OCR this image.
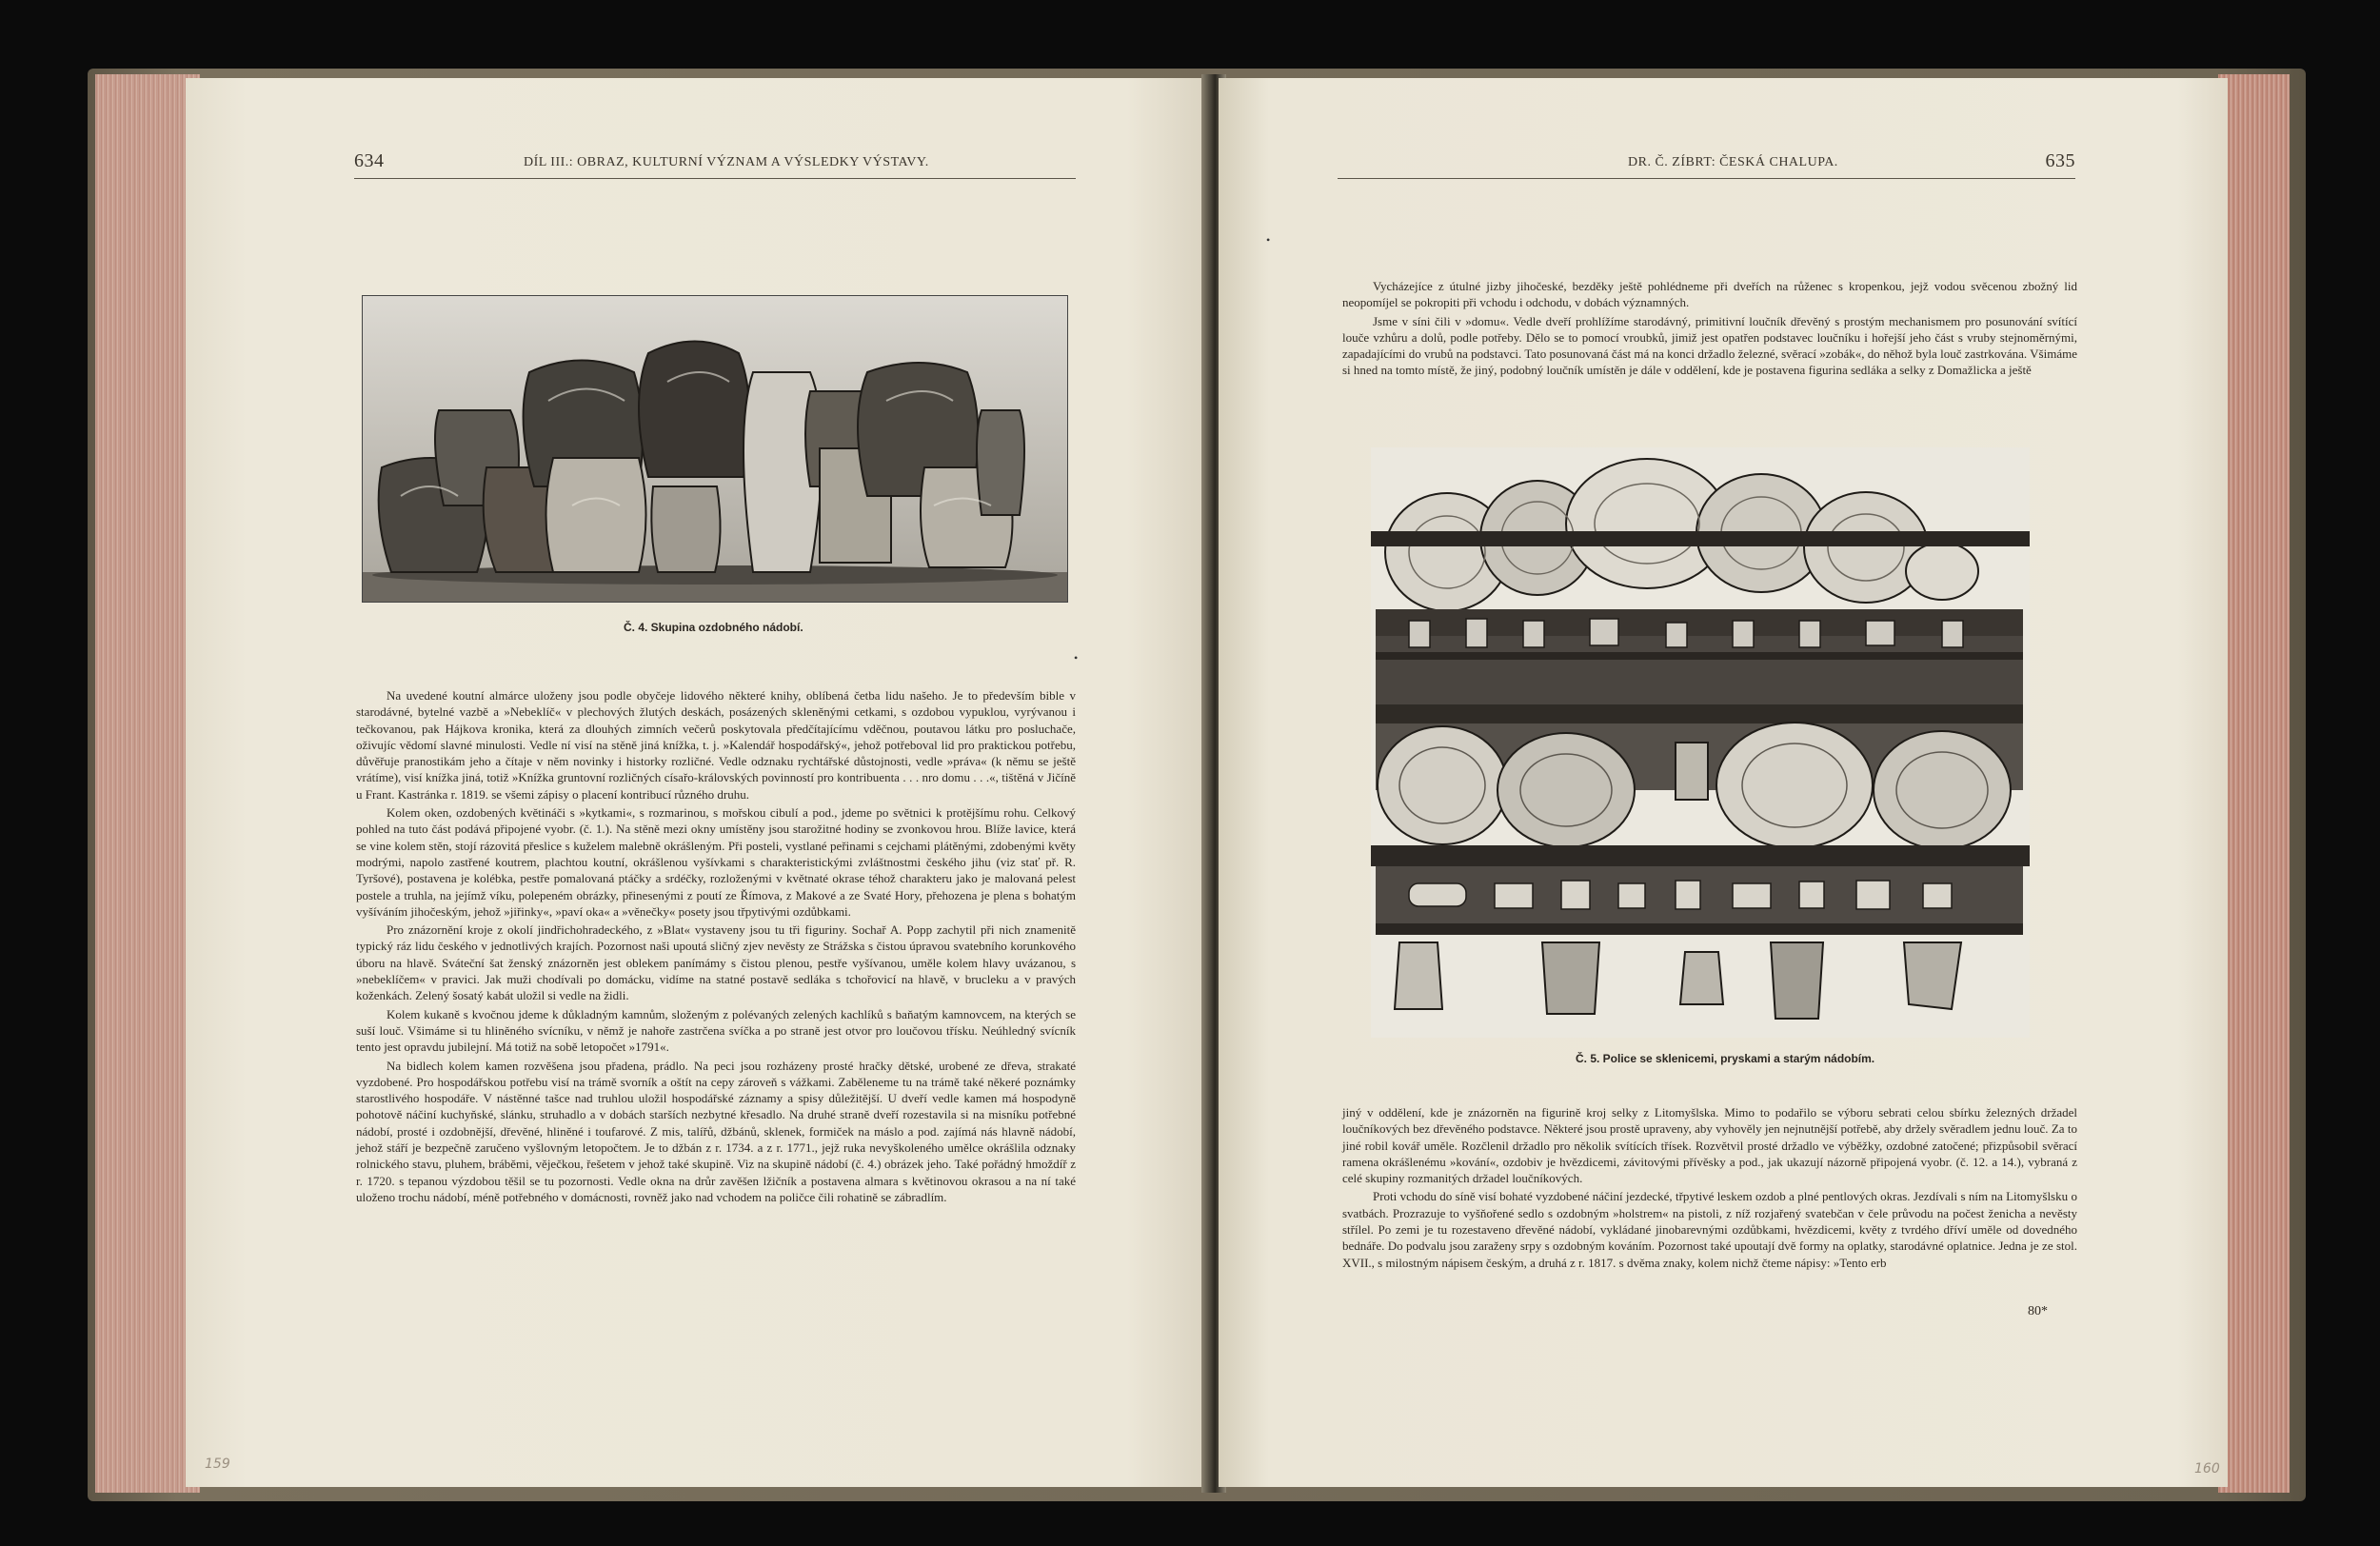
634	DÍL III.: OBRAZ, KULTURNÍ VÝZNAM A VÝSLEDKY VÝSTAVY.
Č. 4. Skupina ozdobného nádobí.
•

Na uvedené koutní almárce uloženy jsou podle obyčeje lidového některé knihy, oblíbená četba lidu našeho. Je to především bible v starodávné, bytelné vazbě a »Nebeklíč« v plechových žlutých deskách, posázených skleněnými cetkami, s ozdobou vypuklou, vyrývanou i tečkovanou, pak Hájkova kronika, která za dlouhých zimních večerů poskytovala předčítajícímu vděčnou, poutavou látku pro posluchače, oživujíc vědomí slavné minulosti. Vedle ní visí na stěně jiná knížka, t. j. »Kalendář hospodářský«, jehož potřeboval lid pro praktickou potřebu, důvěřuje pranostikám jeho a čítaje v něm novinky i historky rozličné. Vedle odznaku rychtářské důstojnosti, vedle »práva« (k němu se ještě vrátíme), visí knížka jiná, totiž »Knížka gruntovní rozličných císařo-královských povinností pro kontribuenta . . . nro domu . . .«, tištěná v Jičíně u Frant. Kastránka r. 1819. se všemi zápisy o placení kontribucí různého druhu.

Kolem oken, ozdobených květináči s »kytkami«, s rozmarinou, s mořskou cibulí a pod., jdeme po světnici k protějšímu rohu. Celkový pohled na tuto část podává připojené vyobr. (č. 1.). Na stěně mezi okny umístěny jsou starožitné hodiny se zvonkovou hrou. Blíže lavice, která se vine kolem stěn, stojí rázovitá přeslice s kuželem malebně okrášleným. Při posteli, vystlané peřinami s cejchami plátěnými, zdobenými květy modrými, napolo zastřené koutrem, plachtou koutní, okrášlenou vyšívkami s charakteristickými zvláštnostmi českého jihu (viz stať př. R. Tyršové), postavena je kolébka, pestře pomalovaná ptáčky a srdéčky, rozloženými v květnaté okrase téhož charakteru jako je malovaná pelest postele a truhla, na jejímž víku, polepeném obrázky, přinesenými z poutí ze Římova, z Makové a ze Svaté Hory, přehozena je plena s bohatým vyšíváním jihočeským, jehož »jiřinky«, »paví oka« a »věnečky« posety jsou třpytivými ozdůbkami.

Pro znázornění kroje z okolí jindřichohradeckého, z »Blat« vystaveny jsou tu tři figuriny. Sochař A. Popp zachytil při nich znamenitě typický ráz lidu českého v jednotlivých krajích. Pozornost naši upoutá sličný zjev nevěsty ze Strážska s čistou úpravou svatebního korunkového úboru na hlavě. Sváteční šat ženský znázorněn jest oblekem panímámy s čistou plenou, pestře vyšívanou, uměle kolem hlavy uvázanou, s »nebeklíčem« v pravici. Jak muži chodívali po domácku, vidíme na statné postavě sedláka s tchořovicí na hlavě, v brucleku a v pravých koženkách. Zelený šosatý kabát uložil si vedle na židli.

Kolem kukaně s kvočnou jdeme k důkladným kamnům, složeným z polévaných zelených kachlíků s baňatým kamnovcem, na kterých se suší louč. Všimáme si tu hliněného svícníku, v němž je nahoře zastrčena svíčka a po straně jest otvor pro loučovou třísku. Neúhledný svícník tento jest opravdu jubilejní. Má totiž na sobě letopočet »1791«.

Na bidlech kolem kamen rozvěšena jsou přadena, prádlo. Na peci jsou rozházeny prosté hračky dětské, urobené ze dřeva, strakaté vyzdobené. Pro hospodářskou potřebu visí na trámě svorník a oštít na cepy zároveň s vážkami. Zaběleneme tu na trámě také někeré poznámky starostlivého hospodáře. V nástěnné tašce nad truhlou uložil hospodářské záznamy a spisy důležitější. U dveří vedle kamen má hospodyně pohotově náčiní kuchyňské, slánku, struhadlo a v dobách starších nezbytné křesadlo. Na druhé straně dveří rozestavila si na misníku potřebné nádobí, prosté i ozdobnější, dřevěné, hliněné i toufarové. Z mis, talířů, džbánů, sklenek, formiček na máslo a pod. zajímá nás hlavně nádobí, jehož stáří je bezpečně zaručeno vyšlovným letopočtem. Je to džbán z r. 1734. a z r. 1771., jejž ruka nevyškoleného umělce okrášlila odznaky rolnického stavu, pluhem, bráběmi, věječkou, řešetem v jehož také skupině. Viz na skupině nádobí (č. 4.) obrázek jeho. Také pořádný hmoždíř z r. 1720. s tepanou výzdobou těšil se tu pozornosti. Vedle okna na drůr zavěšen lžičník a postavena almara s květinovou okrasou a na ní také uloženo trochu nádobí, méně potřebného v domácnosti, rovněž jako nad vchodem na poličce čili rohatině se zábradlím.

159
•
DR. Č. ZÍBRT: ČESKÁ CHALUPA.	635

Vycházejíce z útulné jizby jihočeské, bezděky ještě pohlédneme při dveřích na růženec s kropenkou, jejž vodou svěcenou zbožný lid neopomíjel se pokropiti při vchodu i odchodu, v dobách významných.

Jsme v síni čili v »domu«. Vedle dveří prohlížíme starodávný, primitivní loučník dřevěný s prostým mechanismem pro posunování svítící louče vzhůru a dolů, podle potřeby. Dělo se to pomocí vroubků, jimiž jest opatřen podstavec loučníku i hořejší jeho část s vruby stejnoměrnými, zapadajícími do vrubů na podstavci. Tato posunovaná část má na konci držadlo železné, svěrací »zobák«, do něhož byla louč zastrkována. Všimáme si hned na tomto místě, že jiný, podobný loučník umístěn je dále v oddělení, kde je postavena figurina sedláka a selky z Domažlicka a ještě

Č. 5. Police se sklenicemi, pryskami a starým nádobím.

jiný v oddělení, kde je znázorněn na figurině kroj selky z Litomyšlska. Mimo to podařilo se výboru sebrati celou sbírku železných držadel loučníkových bez dřevěného podstavce. Některé jsou prostě upraveny, aby vyhověly jen nejnutnější potřebě, aby držely svěradlem jednu louč. Za to jiné robil kovář uměle. Rozčlenil držadlo pro několik svítících třísek. Rozvětvil prosté držadlo ve výběžky, ozdobné zatočené; přizpůsobil svěrací ramena okrášlenému »kování«, ozdobiv je hvězdicemi, závitovými přívěsky a pod., jak ukazují názorně připojená vyobr. (č. 12. a 14.), vybraná z celé skupiny rozmanitých držadel loučníkových.

Proti vchodu do síně visí bohaté vyzdobené náčiní jezdecké, třpytivé leskem ozdob a plné pentlových okras. Jezdívali s ním na Litomyšlsku o svatbách. Prozrazuje to vyšňořené sedlo s ozdobným »holstrem« na pistoli, z níž rozjařený svatebčan v čele průvodu na počest ženicha a nevěsty střílel. Po zemi je tu rozestaveno dřevěné nádobí, vykládané jinobarevnými ozdůbkami, hvězdicemi, květy z tvrdého dříví uměle od dovedného bednáře. Do podvalu jsou zaraženy srpy s ozdobným kováním. Pozornost také upoutají dvě formy na oplatky, starodávné oplatnice. Jedna je ze stol. XVII., s milostným nápisem českým, a druhá z r. 1817. s dvěma znaky, kolem nichž čteme nápisy: »Tento erb

80*
160
